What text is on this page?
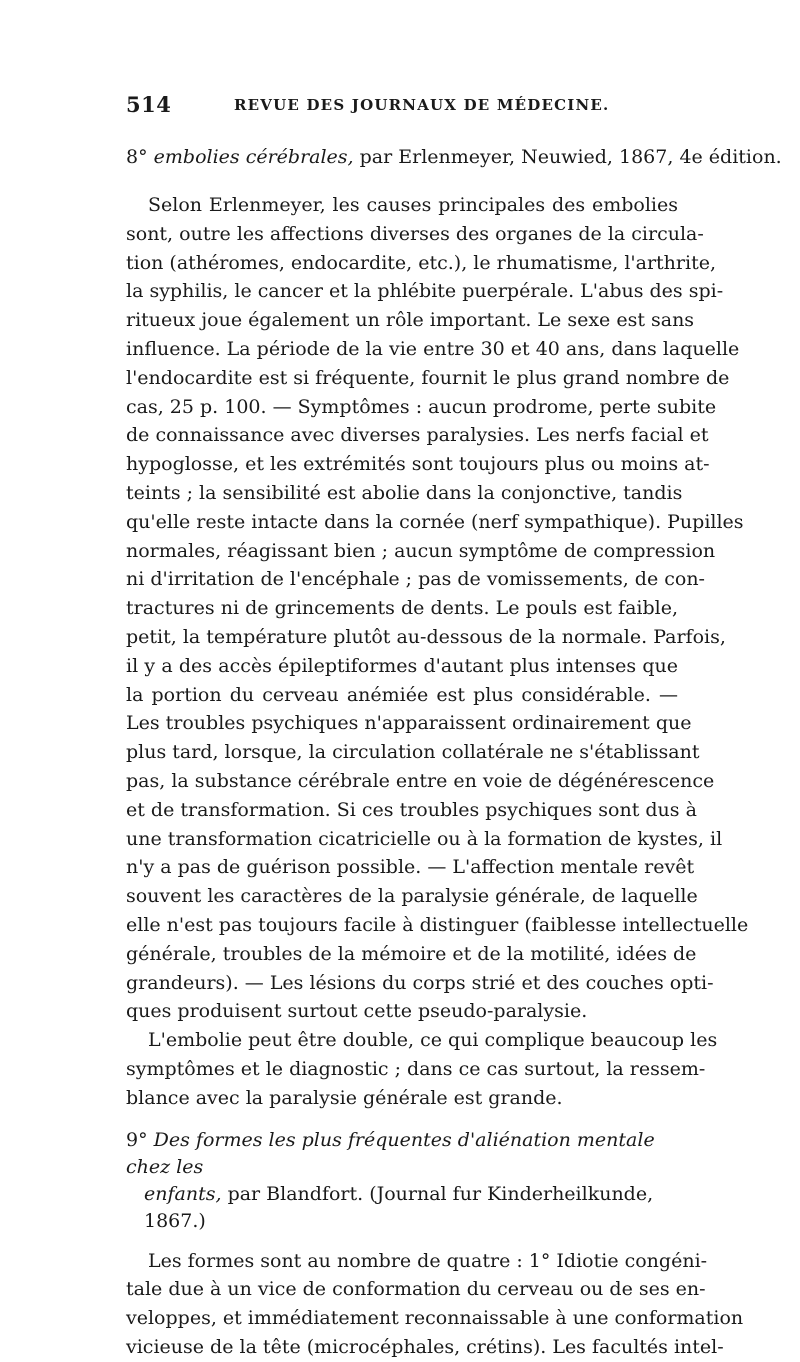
514	REVUE DES JOURNAUX DE MÉDECINE.
8° embolies cérébrales, par Erlenmeyer, Neuwied, 1867, 4e édition.
Selon Erlenmeyer, les causes principales des embolies
sont, outre les affections diverses des organes de la circula-
tion (athéromes, endocardite, etc.), le rhumatisme, l'arthrite,
la syphilis, le cancer et la phlébite puerpérale. L'abus des spi-
ritueux joue également un rôle important. Le sexe est sans
influence. La période de la vie entre 30 et 40 ans, dans laquelle
l'endocardite est si fréquente, fournit le plus grand nombre de
cas, 25 p. 100. — Symptômes : aucun prodrome, perte subite
de connaissance avec diverses paralysies. Les nerfs facial et
hypoglosse, et les extrémités sont toujours plus ou moins at-
teints ; la sensibilité est abolie dans la conjonctive, tandis
qu'elle reste intacte dans la cornée (nerf sympathique). Pupilles
normales, réagissant bien ; aucun symptôme de compression
ni d'irritation de l'encéphale ; pas de vomissements, de con-
tractures ni de grincements de dents. Le pouls est faible,
petit, la température plutôt au-dessous de la normale. Parfois,
il y a des accès épileptiformes d'autant plus intenses que
la portion du cerveau anémiée est plus considérable. —
Les troubles psychiques n'apparaissent ordinairement que
plus tard, lorsque, la circulation collatérale ne s'établissant
pas, la substance cérébrale entre en voie de dégénérescence
et de transformation. Si ces troubles psychiques sont dus à
une transformation cicatricielle ou à la formation de kystes, il
n'y a pas de guérison possible. — L'affection mentale revêt
souvent les caractères de la paralysie générale, de laquelle
elle n'est pas toujours facile à distinguer (faiblesse intellectuelle
générale, troubles de la mémoire et de la motilité, idées de
grandeurs). — Les lésions du corps strié et des couches opti-
ques produisent surtout cette pseudo-paralysie.
L'embolie peut être double, ce qui complique beaucoup les
symptômes et le diagnostic ; dans ce cas surtout, la ressem-
blance avec la paralysie générale est grande.
9° Des formes les plus fréquentes d'aliénation mentale chez les
enfants, par Blandfort. (Journal fur Kinderheilkunde, 1867.)
Les formes sont au nombre de quatre : 1° Idiotie congéni-
tale due à un vice de conformation du cerveau ou de ses en-
veloppes, et immédiatement reconnaissable à une conformation
vicieuse de la tête (microcéphales, crétins). Les facultés intel-
